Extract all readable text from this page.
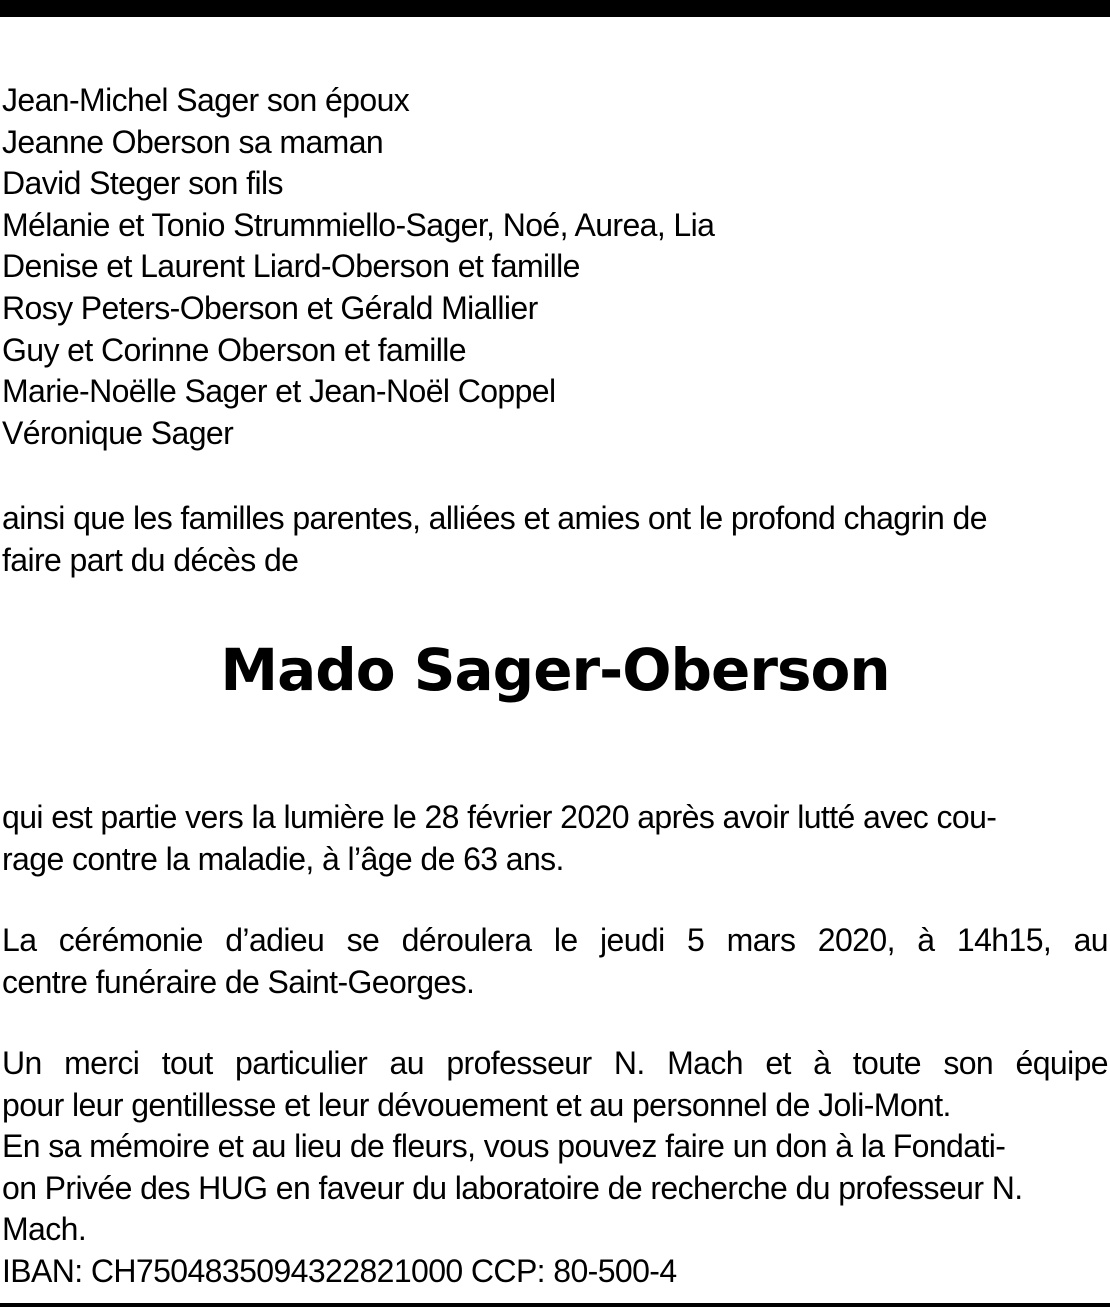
Jean-Michel Sager son époux
Jeanne Oberson sa maman
David Steger son fils
Mélanie et Tonio Strummiello-Sager, Noé, Aurea, Lia
Denise et Laurent Liard-Oberson et famille
Rosy Peters-Oberson et Gérald Miallier
Guy et Corinne Oberson et famille
Marie-Noëlle Sager et Jean-Noël Coppel
Véronique Sager
ainsi que les familles parentes, alliées et amies ont le profond chagrin de
faire part du décès de
Mado Sager-Oberson
qui est partie vers la lumière le 28 février 2020 après avoir lutté avec cou-
rage contre la maladie, à l’âge de 63 ans.
La cérémonie d’adieu se déroulera le jeudi 5 mars 2020, à 14h15, au
centre funéraire de Saint-Georges.
Un merci tout particulier au professeur N. Mach et à toute son équipe
pour leur gentillesse et leur dévouement et au personnel de Joli-Mont.
En sa mémoire et au lieu de fleurs, vous pouvez faire un don à la Fondati-
on Privée des HUG en faveur du laboratoire de recherche du professeur N.
Mach.
IBAN: CH7504835094322821000 CCP: 80-500-4
